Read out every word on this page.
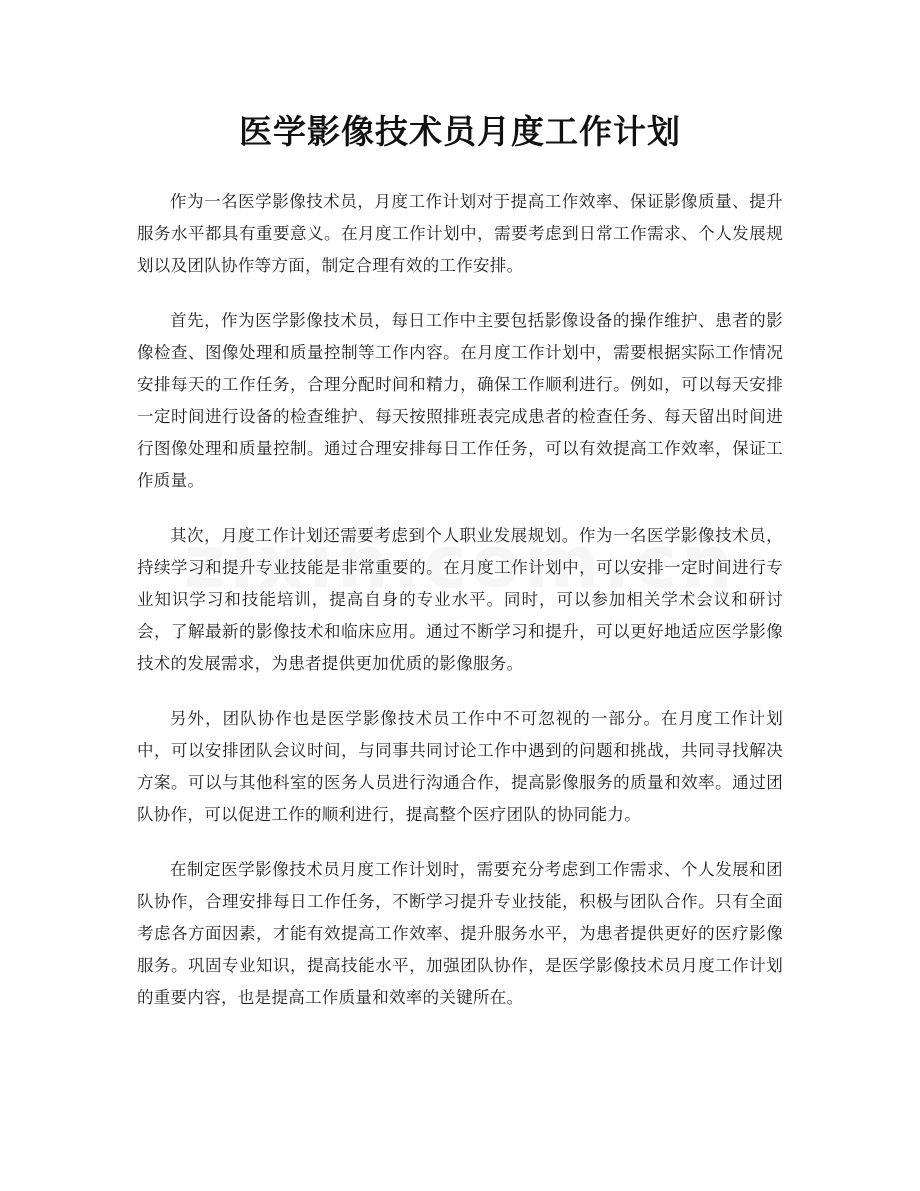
医学影像技术员月度工作计划

作为一名医学影像技术员，月度工作计划对于提高工作效率、保证影像质量、提升服务水平都具有重要意义。在月度工作计划中，需要考虑到日常工作需求、个人发展规划以及团队协作等方面，制定合理有效的工作安排。

首先，作为医学影像技术员，每日工作中主要包括影像设备的操作维护、患者的影像检查、图像处理和质量控制等工作内容。在月度工作计划中，需要根据实际工作情况安排每天的工作任务，合理分配时间和精力，确保工作顺利进行。例如，可以每天安排一定时间进行设备的检查维护、每天按照排班表完成患者的检查任务、每天留出时间进行图像处理和质量控制。通过合理安排每日工作任务，可以有效提高工作效率，保证工作质量。

其次，月度工作计划还需要考虑到个人职业发展规划。作为一名医学影像技术员，持续学习和提升专业技能是非常重要的。在月度工作计划中，可以安排一定时间进行专业知识学习和技能培训，提高自身的专业水平。同时，可以参加相关学术会议和研讨会，了解最新的影像技术和临床应用。通过不断学习和提升，可以更好地适应医学影像技术的发展需求，为患者提供更加优质的影像服务。

另外，团队协作也是医学影像技术员工作中不可忽视的一部分。在月度工作计划中，可以安排团队会议时间，与同事共同讨论工作中遇到的问题和挑战，共同寻找解决方案。可以与其他科室的医务人员进行沟通合作，提高影像服务的质量和效率。通过团队协作，可以促进工作的顺利进行，提高整个医疗团队的协同能力。

在制定医学影像技术员月度工作计划时，需要充分考虑到工作需求、个人发展和团队协作，合理安排每日工作任务，不断学习提升专业技能，积极与团队合作。只有全面考虑各方面因素，才能有效提高工作效率、提升服务水平，为患者提供更好的医疗影像服务。巩固专业知识，提高技能水平，加强团队协作，是医学影像技术员月度工作计划的重要内容，也是提高工作质量和效率的关键所在。
